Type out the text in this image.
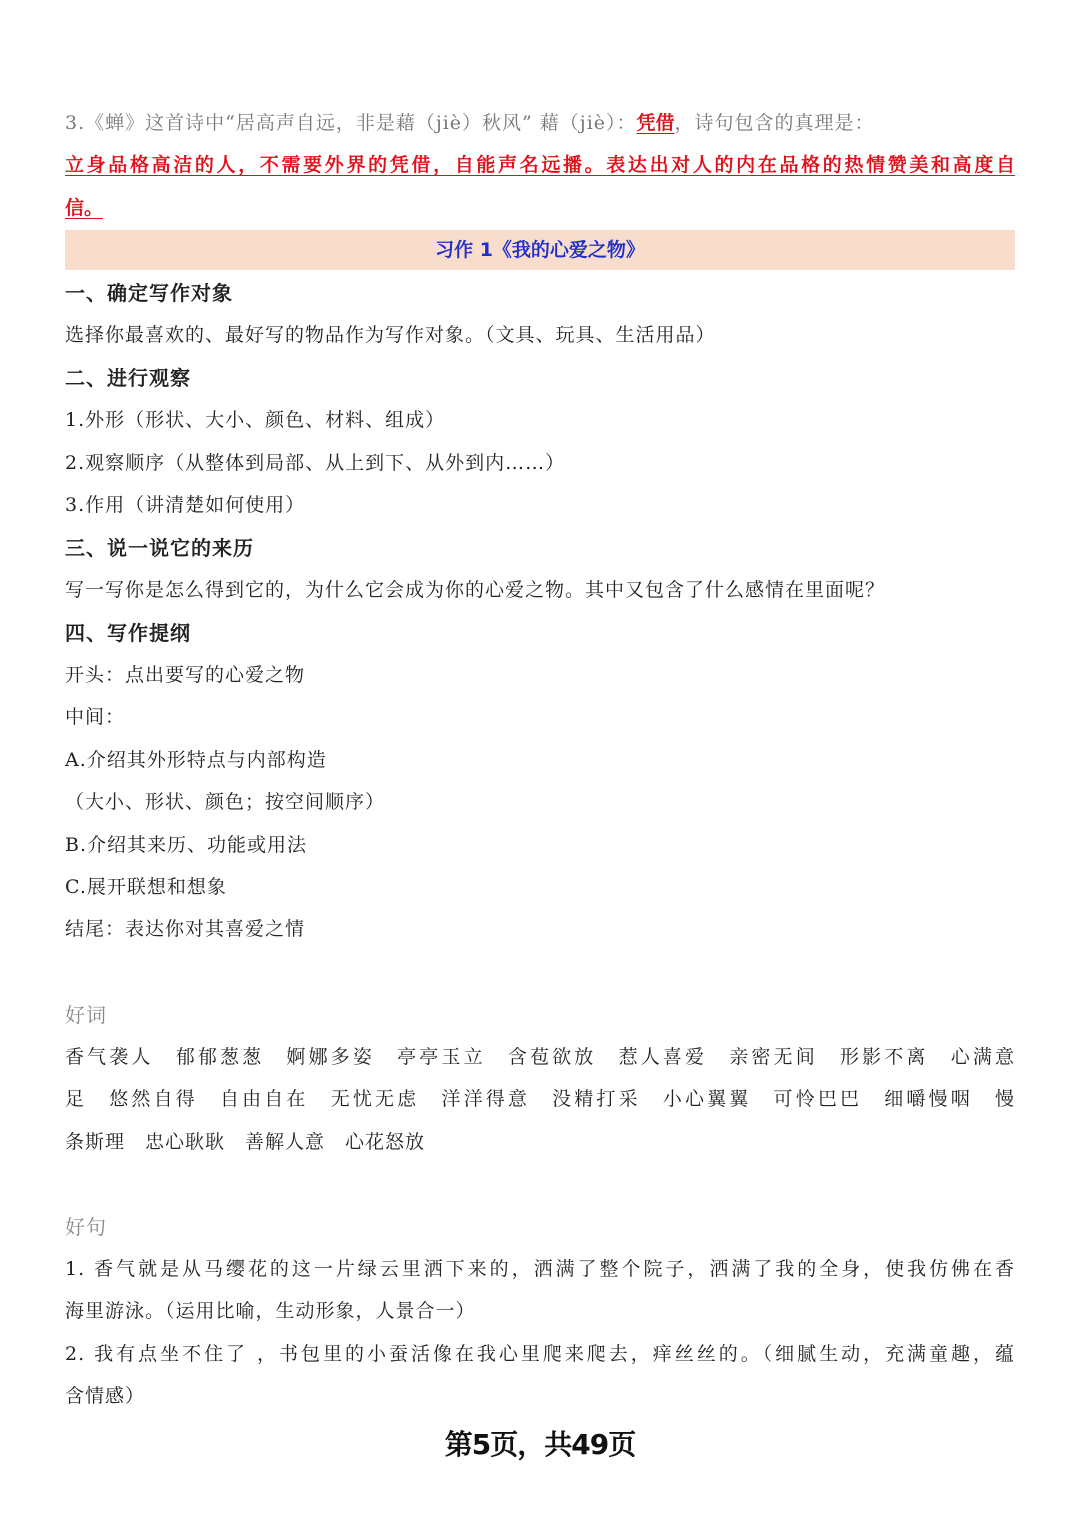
3.《蝉》这首诗中“居高声自远，非是藉（jiè）秋风” 藉（jiè）：凭借，诗句包含的真理是：
立身品格高洁的人，不需要外界的凭借，自能声名远播。表达出对人的内在品格的热情赞美和高度自
信。
习作 1《我的心爱之物》
一、确定写作对象
选择你最喜欢的、最好写的物品作为写作对象。（文具、玩具、生活用品）
二、进行观察
1.外形（形状、大小、颜色、材料、组成）
2.观察顺序（从整体到局部、从上到下、从外到内……）
3.作用（讲清楚如何使用）
三、说一说它的来历
写一写你是怎么得到它的，为什么它会成为你的心爱之物。其中又包含了什么感情在里面呢？
四、写作提纲
开头：点出要写的心爱之物
中间：
A.介绍其外形特点与内部构造
（大小、形状、颜色；按空间顺序）
B.介绍其来历、功能或用法
C.展开联想和想象
结尾：表达你对其喜爱之情
好词
香气袭人　郁郁葱葱　婀娜多姿　亭亭玉立　含苞欲放　惹人喜爱　亲密无间　形影不离　心满意
足　悠然自得　自由自在　无忧无虑　洋洋得意　没精打采　小心翼翼　可怜巴巴　细嚼慢咽　慢
条斯理　忠心耿耿　善解人意　心花怒放
好句
1. 香气就是从马缨花的这一片绿云里洒下来的，洒满了整个院子，洒满了我的全身，使我仿佛在香
海里游泳。（运用比喻，生动形象，人景合一）
2. 我有点坐不住了 ，书包里的小蚕活像在我心里爬来爬去，痒丝丝的。（细腻生动，充满童趣，蕴
含情感）
第5页，共49页
